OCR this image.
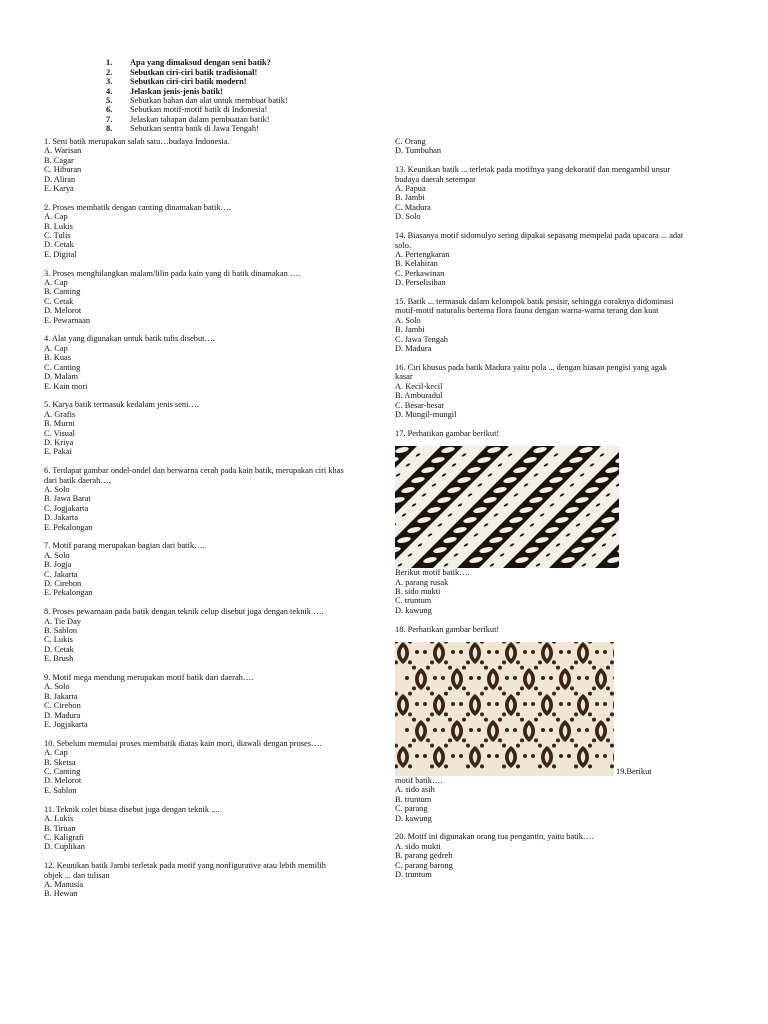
1. Apa yang dimaksud dengan seni batik?
2. Sebutkan ciri-ciri batik tradisional!
3. Sebutkan ciri-ciri batik modern!
4. Jelaskan jenis-jenis batik!
5. Sebutkan bahan dan alat untuk membuat batik!
6. Sebutkan motif-motif batik di Indonesia!
7. Jelaskan tahapan dalam pembuatan batik!
8. Sebutkan sentra batik di Jawa Tengah!

1. Seni batik merupakan salah satu…budaya Indonesia.

A. Warisan

B. Cagar

C. Hiburan

D. Aliran

E. Karya

2. Proses membatik dengan canting dinamakan batik….

A. Cap

B. Lukis

C. Tulis

D. Cetak

E. Digital

3. Proses menghilangkan malam/lilin pada kain yang di batik dinamakan ….

A. Cap

B. Canting

C. Cetak

D. Melorot

E. Pewarnaan

4. Alat yang digunakan untuk batik tulis disebut….

A. Cap

B. Kuas

C. Canting

D. Malam

E. Kain mori

5. Karya batik termasuk kedalam jenis seni….

A. Grafis

B. Murni

C. Visual

D. Kriya

E. Pakai

6. Terdapat gambar ondel-ondel dan berwarna cerah pada kain batik, merupakan ciri khas dari batik daerah….

A. Solo

B. Jawa Barat

C. Jogjakarta

D. Jakarta

E. Pekalongan

7. Motif parang merupakan bagian dari batik….

A. Solo

B. Jogja

C. Jakarta

D. Cirebon

E. Pekalongan

8. Proses pewarnaan pada batik dengan teknik celup disebut juga dengan teknik ….

A. Tie Day

B. Sablon

C. Lukis

D. Cetak

E. Brush

9. Motif mega mendung merupakan motif batik dari daerah….

A. Solo

B. Jakarta

C. Cirebon

D. Madura

E. Jogjakarta

10. Sebelum memulai proses membatik diatas kain mori, diawali dengan proses….

A. Cap

B. Sketsa

C. Canting

D. Melorot

E. Sablon

11. Teknik colet biasa disebut juga dengan teknik ....

A. Lukis

B. Tiruan

C. Kaligrafi

D. Cuplikan

12. Keunikan batik Jambi terletak pada motif yang nonfigurative atau lebih memilih objek ... dan tulisan

A. Manusia

B. Hewan

C. Orang

D. Tumbuhan

13. Keunikan batik ... terletak pada motifnya yang dekoratif dan mengambil unsur budaya daerah setempat

A. Papua

B. Jambi

C. Madura

D. Solo

14. Biasanya motif sidomulyo sering dipakai sepasang mempelai pada upacara ... adat solo.

A. Pertengkaran

B. Kelahiran

C. Perkawinan

D. Perselisihan

15. Batik ... termasuk dalam kelompok batik pesisir, sehingga coraknya didominasi motif-motif naturalis bertema flora fauna dengan warna-warna terang dan kuat

A. Solo

B. Jambi

C. Jawa Tengah

D. Madura

16. Ciri khusus pada batik Madura yaitu pola ... dengan hiasan pengisi yang agak kasar

A. Kecil-kecil

B. Amburadul

C. Besar-besar

D. Mungil-mungil

17. Perhatikan gambar berikut!

Berikut motif batik….

A. parang rusak

B. sido mukti

C. truntum

D. kawung

18. Perhatikan gambar berikut!

19.Berikut

motif batik….

A. sido asih

B. truntum

C. parang

D. kawung

20. Motif ini digunakan orang tua pengantin, yaitu batik….

A. sido mukti

B. parang gedreh

C. parang barong

D. truntum
